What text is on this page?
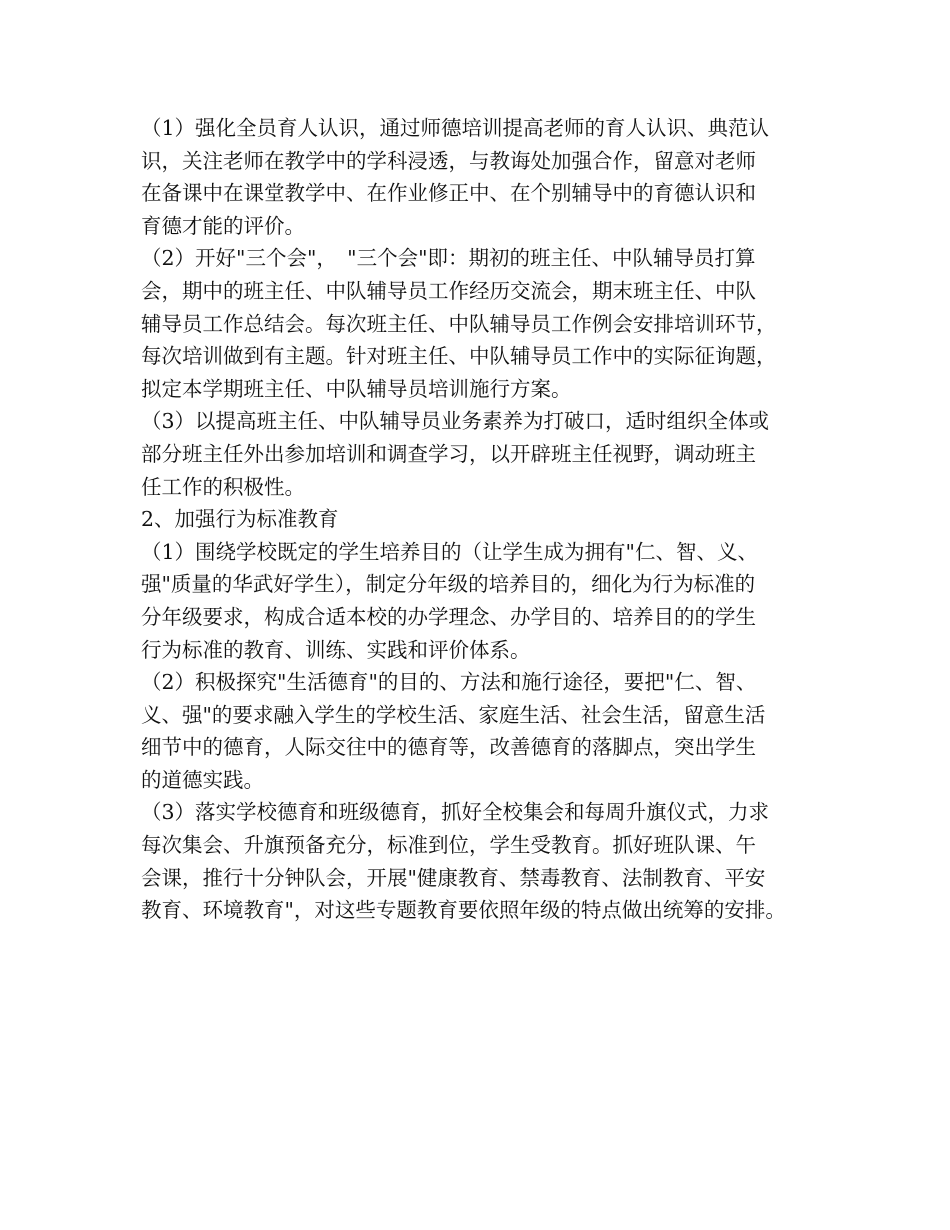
（1）强化全员育人认识，通过师德培训提高老师的育人认识、典范认
识，关注老师在教学中的学科浸透，与教诲处加强合作，留意对老师
在备课中在课堂教学中、在作业修正中、在个别辅导中的育德认识和
育德才能的评价。
（2）开好"三个会"，　"三个会"即：期初的班主任、中队辅导员打算
会，期中的班主任、中队辅导员工作经历交流会，期末班主任、中队
辅导员工作总结会。每次班主任、中队辅导员工作例会安排培训环节，
每次培训做到有主题。针对班主任、中队辅导员工作中的实际征询题，
拟定本学期班主任、中队辅导员培训施行方案。
（3）以提高班主任、中队辅导员业务素养为打破口，适时组织全体或
部分班主任外出参加培训和调查学习，以开辟班主任视野，调动班主
任工作的积极性。
2、加强行为标准教育
（1）围绕学校既定的学生培养目的（让学生成为拥有"仁、智、义、
强"质量的华武好学生），制定分年级的培养目的，细化为行为标准的
分年级要求，构成合适本校的办学理念、办学目的、培养目的的学生
行为标准的教育、训练、实践和评价体系。
（2）积极探究"生活德育"的目的、方法和施行途径，要把"仁、智、
义、强"的要求融入学生的学校生活、家庭生活、社会生活，留意生活
细节中的德育，人际交往中的德育等，改善德育的落脚点，突出学生
的道德实践。
（3）落实学校德育和班级德育，抓好全校集会和每周升旗仪式，力求
每次集会、升旗预备充分，标准到位，学生受教育。抓好班队课、午
会课，推行十分钟队会，开展"健康教育、禁毒教育、法制教育、平安
教育、环境教育"，对这些专题教育要依照年级的特点做出统筹的安排。
